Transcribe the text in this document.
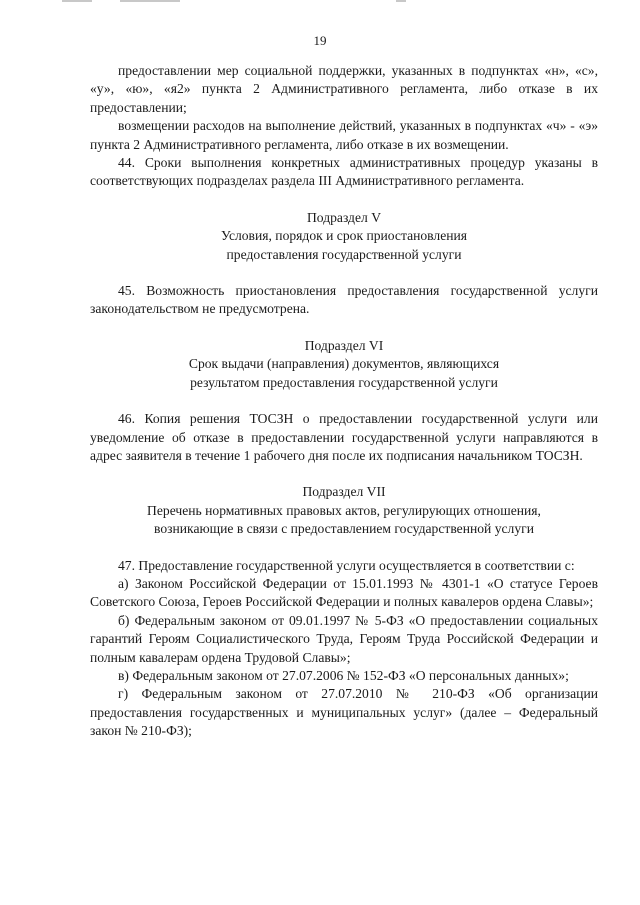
19

предоставлении мер социальной поддержки, указанных в подпунктах «н», «с», «у», «ю», «я2» пункта 2 Административного регламента, либо отказе в их предоставлении;

возмещении расходов на выполнение действий, указанных в подпунктах «ч» - «э» пункта 2 Административного регламента, либо отказе в их возмещении.

44. Сроки выполнения конкретных административных процедур указаны в соответствующих подразделах раздела III Административного регламента.

Подраздел V

Условия, порядок и срок приостановления

предоставления государственной услуги

45. Возможность приостановления предоставления государственной услуги законодательством не предусмотрена.

Подраздел VI

Срок выдачи (направления) документов, являющихся

результатом предоставления государственной услуги

46. Копия решения ТОСЗН о предоставлении государственной услуги или уведомление об отказе в предоставлении государственной услуги направляются в адрес заявителя в течение 1 рабочего дня после их подписания начальником ТОСЗН.

Подраздел VII

Перечень нормативных правовых актов, регулирующих отношения,

возникающие в связи с предоставлением государственной услуги

47. Предоставление государственной услуги осуществляется в соответствии с:

а) Законом Российской Федерации от 15.01.1993 № 4301-1 «О статусе Героев Советского Союза, Героев Российской Федерации и полных кавалеров ордена Славы»;

б) Федеральным законом от 09.01.1997 № 5-ФЗ «О предоставлении социальных гарантий Героям Социалистического Труда, Героям Труда Российской Федерации и полным кавалерам ордена Трудовой Славы»;

в) Федеральным законом от 27.07.2006 № 152-ФЗ «О персональных данных»;

г) Федеральным законом от 27.07.2010 № 210-ФЗ «Об организации предоставления государственных и муниципальных услуг» (далее – Федеральный закон № 210-ФЗ);
